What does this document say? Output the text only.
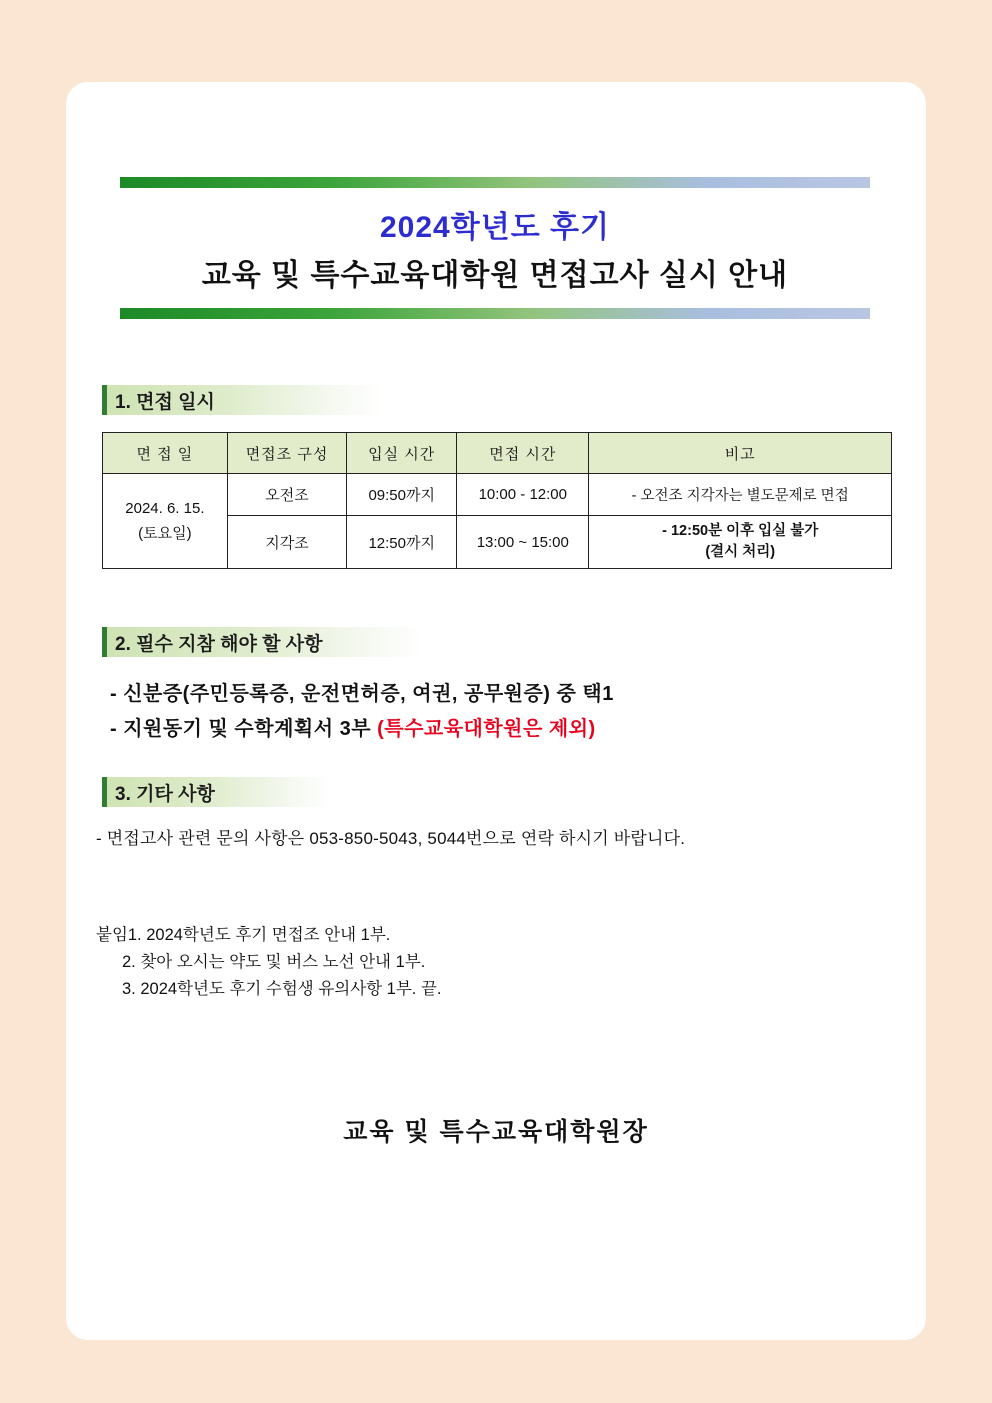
2024학년도 후기
교육 및 특수교육대학원 면접고사 실시 안내
1. 면접 일시
면 접 일	면접조 구성	입실 시간	면접 시간	비고

2024. 6. 15.
(토요일)	오전조	09:50까지	10:00 - 12:00	- 오전조 지각자는 별도문제로 면접
	지각조	12:50까지	13:00 ~ 15:00	- 12:50분 이후 입실 불가
(결시 처리)
2. 필수 지참 해야 할 사항
- 신분증(주민등록증, 운전면허증, 여권, 공무원증) 중 택1
- 지원동기 및 수학계획서 3부 (특수교육대학원은 제외)
3. 기타 사항
- 면접고사 관련 문의 사항은 053-850-5043, 5044번으로 연락 하시기 바랍니다.
붙임1. 2024학년도 후기 면접조 안내 1부.
2. 찾아 오시는 약도 및 버스 노선 안내 1부.
3. 2024학년도 후기 수험생 유의사항 1부. 끝.
교육 및 특수교육대학원장
